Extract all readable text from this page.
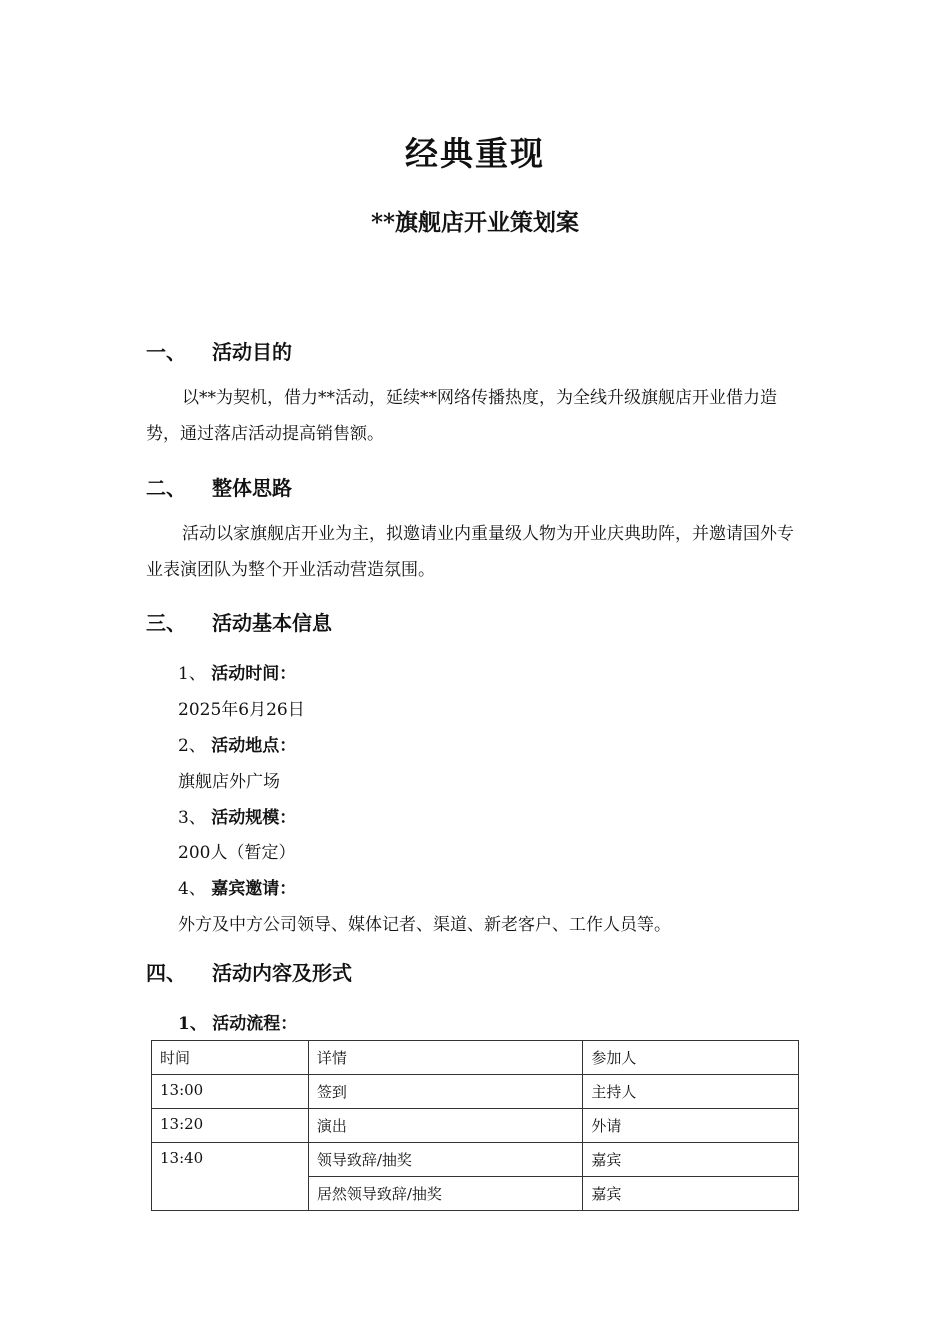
经典重现
**旗舰店开业策划案
一、 活动目的
以**为契机，借力**活动，延续**网络传播热度，为全线升级旗舰店开业借力造势，通过落店活动提高销售额。
二、 整体思路
活动以家旗舰店开业为主，拟邀请业内重量级人物为开业庆典助阵，并邀请国外专业表演团队为整个开业活动营造氛围。
三、 活动基本信息
1、 活动时间：
2025年6月26日
2、 活动地点：
旗舰店外广场
3、 活动规模：
200人（暂定）
4、 嘉宾邀请：
外方及中方公司领导、媒体记者、渠道、新老客户、工作人员等。
四、 活动内容及形式
1、 活动流程：
时间	详情	参加人
13:00	签到	主持人
13:20	演出	外请
13:40	领导致辞/抽奖	嘉宾
	居然领导致辞/抽奖	嘉宾
